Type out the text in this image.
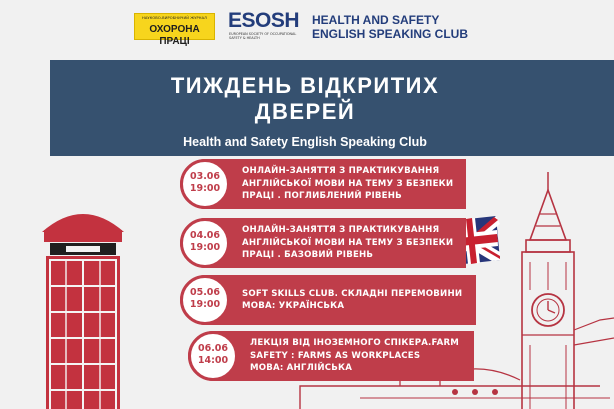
НАУКОВО-ВИРОБНИЧИЙ ЖУРНАЛ
ОХОРОНА ПРАЦІ
ESOSH
EUROPEAN SOCIETY OF OCCUPATIONAL SAFETY & HEALTH
HEALTH AND SAFETY
ENGLISH SPEAKING CLUB
ТИЖДЕНЬ ВІДКРИТИХ
ДВЕРЕЙ
Health and Safety English Speaking Club
03.06
19:00
ОНЛАЙН-ЗАНЯТТЯ З ПРАКТИКУВАННЯ
АНГЛІЙСЬКОЇ МОВИ НА ТЕМУ З БЕЗПЕКИ
ПРАЦІ . ПОГЛИБЛЕНИЙ РІВЕНЬ
04.06
19:00
ОНЛАЙН-ЗАНЯТТЯ З ПРАКТИКУВАННЯ
АНГЛІЙСЬКОЇ МОВИ НА ТЕМУ З БЕЗПЕКИ
ПРАЦІ . БАЗОВИЙ РІВЕНЬ
05.06
19:00
SOFT SKILLS CLUB. СКЛАДНІ ПЕРЕМОВИНИ
МОВА: УКРАЇНСЬКА
06.06
14:00
ЛЕКЦІЯ ВІД ІНОЗЕМНОГО СПІКЕРА.FARM
SAFETY : FARMS AS WORKPLACES
МОВА: АНГЛІЙСЬКА
